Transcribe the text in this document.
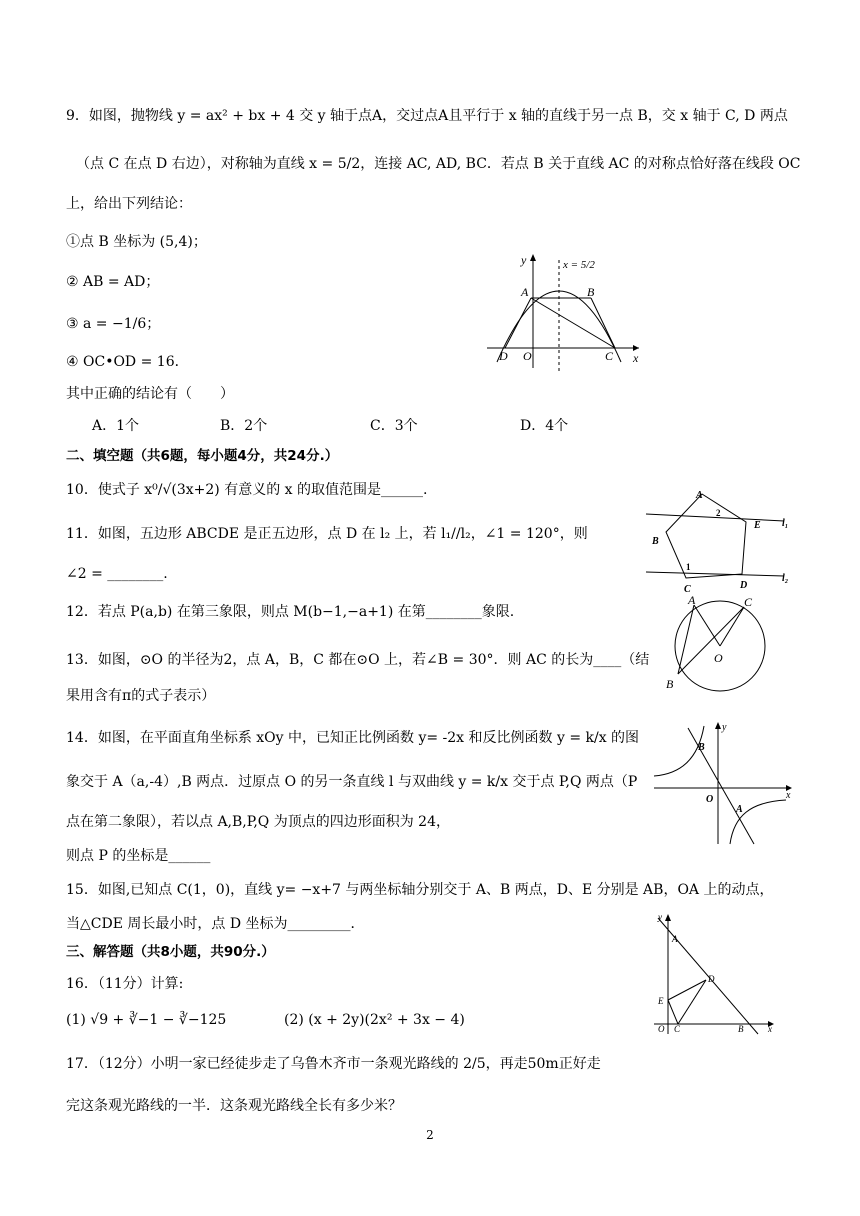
9．如图，抛物线 y = ax² + bx + 4 交 y 轴于点A，交过点A且平行于 x 轴的直线于另一点 B，交 x 轴于 C, D 两点
（点 C 在点 D 右边），对称轴为直线 x = 5/2，连接 AC, AD, BC．若点 B 关于直线 AC 的对称点恰好落在线段 OC
上，给出下列结论：
①点 B 坐标为 (5,4)；
② AB = AD；
③ a = −1/6；
④ OC•OD = 16．
其中正确的结论有（　　）
A．1个	B．2个	C．3个	D．4个
二、填空题（共6题，每小题4分，共24分.）
10．使式子 x⁰/√(3x+2) 有意义的 x 的取值范围是______.
11．如图，五边形 ABCDE 是正五边形，点 D 在 l₂ 上，若 l₁//l₂，∠1 = 120°，则
∠2 = ________.
12．若点 P(a,b) 在第三象限，则点 M(b−1,−a+1) 在第________象限.
13．如图，⊙O 的半径为2，点 A，B，C 都在⊙O 上，若∠B = 30°．则 AC 的长为____（结
果用含有π的式子表示）
14．如图，在平面直角坐标系 xOy 中，已知正比例函数 y= -2x 和反比例函数 y = k/x 的图
象交于 A（a,-4）,B 两点．过原点 O 的另一条直线 l 与双曲线 y = k/x 交于点 P,Q 两点（P
点在第二象限），若以点 A,B,P,Q 为顶点的四边形面积为 24，
则点 P 的坐标是______
15．如图,已知点 C(1，0)，直线 y= −x+7 与两坐标轴分别交于 A、B 两点，D、E 分别是 AB，OA 上的动点，
当△CDE 周长最小时，点 D 坐标为_________．
三、解答题（共8小题，共90分.）
16．（11分）计算:
(1) √9 + ∛−1 − ∛−125	(2) (x + 2y)(2x² + 3x − 4)
17．（12分）小明一家已经徒步走了乌鲁木齐市一条观光路线的 2/5，再走50m正好走
完这条观光路线的一半．这条观光路线全长有多少米？
2
y	x = 5/2
A	B
C
D O	x
A
B
C	D
E
1
2
l₁
l₂
A
B
C
O
y
B
O
A
x
y
A
D
E
O C	B	x
